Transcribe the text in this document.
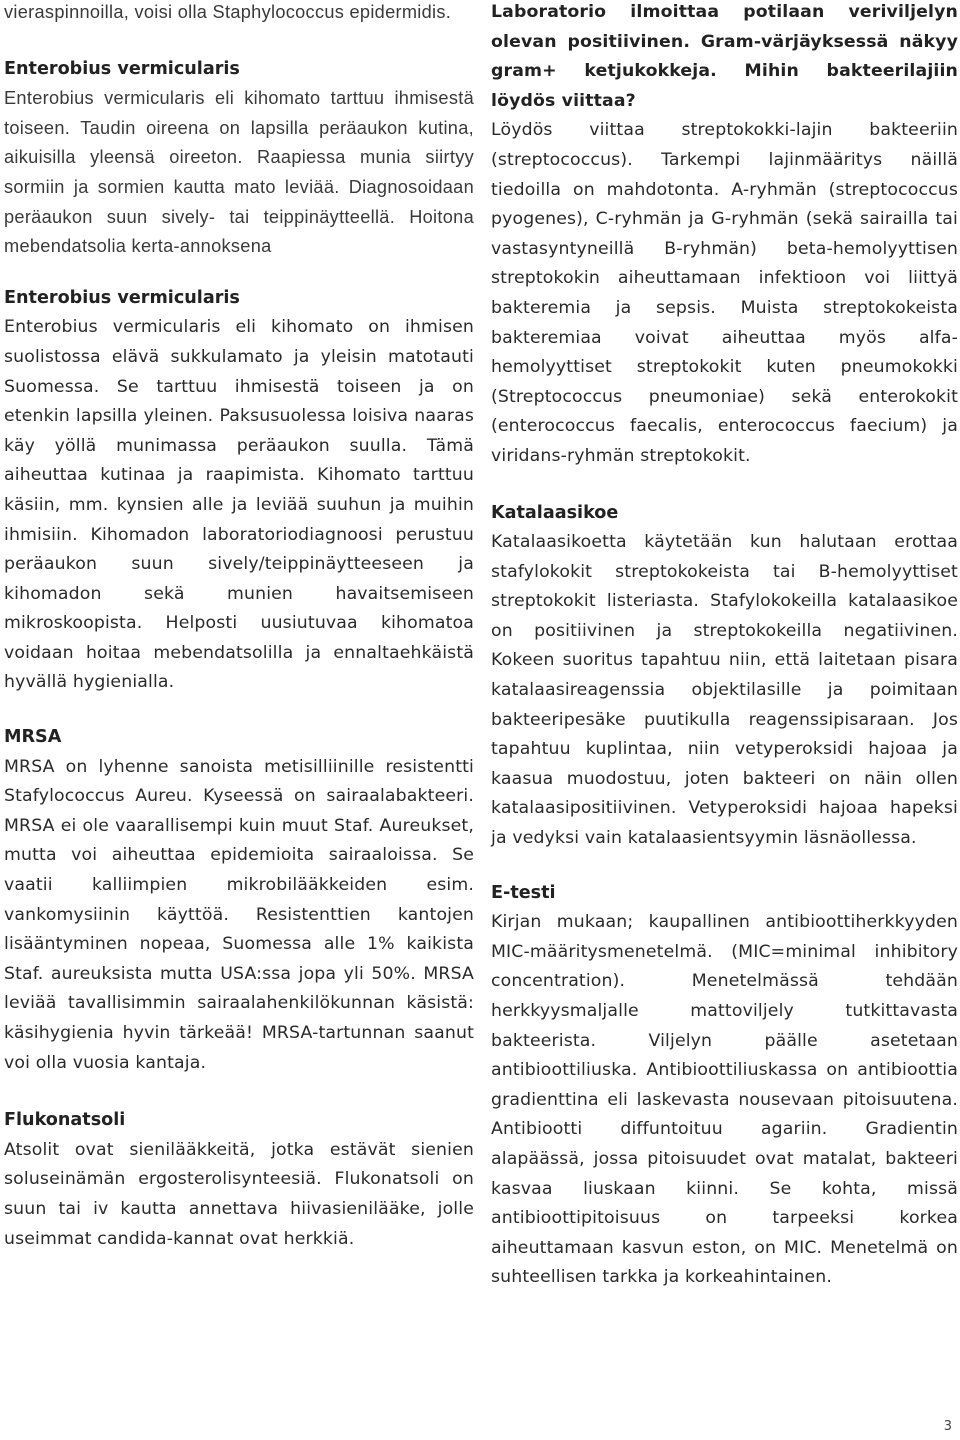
vieraspinnoilla, voisi olla Staphylococcus epidermidis.

Enterobius vermicularis

Enterobius vermicularis eli kihomato tarttuu ihmisestä toiseen. Taudin oireena on lapsilla peräaukon kutina, aikuisilla yleensä oireeton. Raapiessa munia siirtyy sormiin ja sormien kautta mato leviää. Diagnosoidaan peräaukon suun sively- tai teippinäytteellä. Hoitona mebendatsolia kerta-annoksena

Enterobius vermicularis

Enterobius vermicularis eli kihomato on ihmisen suolistossa elävä sukkulamato ja yleisin matotauti Suomessa. Se tarttuu ihmisestä toiseen ja on etenkin lapsilla yleinen. Paksusuolessa loisiva naaras käy yöllä munimassa peräaukon suulla. Tämä aiheuttaa kutinaa ja raapimista. Kihomato tarttuu käsiin, mm. kynsien alle ja leviää suuhun ja muihin ihmisiin. Kihomadon laboratoriodiagnoosi perustuu peräaukon suun sively/teippinäytteeseen ja kihomadon sekä munien havaitsemiseen mikroskoopista. Helposti uusiutuvaa kihomatoa voidaan hoitaa mebendatsolilla ja ennaltaehkäistä hyvällä hygienialla.

MRSA

MRSA on lyhenne sanoista metisilliinille resistentti Stafylococcus Aureu. Kyseessä on sairaalabakteeri. MRSA ei ole vaarallisempi kuin muut Staf. Aureukset, mutta voi aiheuttaa epidemioita sairaaloissa. Se vaatii kalliimpien mikrobilääkkeiden esim. vankomysiinin käyttöä. Resistenttien kantojen lisääntyminen nopeaa, Suomessa alle 1% kaikista Staf. aureuksista mutta USA:ssa jopa yli 50%. MRSA leviää tavallisimmin sairaalahenkilökunnan käsistä: käsihygienia hyvin tärkeää! MRSA-tartunnan saanut voi olla vuosia kantaja.

Flukonatsoli

Atsolit ovat sienilääkkeitä, jotka estävät sienien soluseinämän ergosterolisynteesiä. Flukonatsoli on suun tai iv kautta annettava hiivasienilääke, jolle useimmat candida-kannat ovat herkkiä.

Laboratorio ilmoittaa potilaan veriviljelyn olevan positiivinen. Gram-värjäyksessä näkyy gram+ ketjukokkeja. Mihin bakteerilajiin löydös viittaa?

Löydös viittaa streptokokki-lajin bakteeriin (streptococcus). Tarkempi lajinmääritys näillä tiedoilla on mahdotonta. A-ryhmän (streptococcus pyogenes), C-ryhmän ja G-ryhmän (sekä sairailla tai vastasyntyneillä B-ryhmän) beta-hemolyyttisen streptokokin aiheuttamaan infektioon voi liittyä bakteremia ja sepsis. Muista streptokokeista bakteremiaa voivat aiheuttaa myös alfa-hemolyyttiset streptokokit kuten pneumokokki (Streptococcus pneumoniae) sekä enterokokit (enterococcus faecalis, enterococcus faecium) ja viridans-ryhmän streptokokit.

Katalaasikoe

Katalaasikoetta käytetään kun halutaan erottaa stafylokokit streptokokeista tai B-hemolyyttiset streptokokit listeriasta. Stafylokokeilla katalaasikoe on positiivinen ja streptokokeilla negatiivinen. Kokeen suoritus tapahtuu niin, että laitetaan pisara katalaasireagenssia objektilasille ja poimitaan bakteeripesäke puutikulla reagenssipisaraan. Jos tapahtuu kuplintaa, niin vetyperoksidi hajoaa ja kaasua muodostuu, joten bakteeri on näin ollen katalaasipositiivinen. Vetyperoksidi hajoaa hapeksi ja vedyksi vain katalaasientsyymin läsnäollessa.

E-testi

Kirjan mukaan; kaupallinen antibioottiherkkyyden MIC-määritysmenetelmä. (MIC=minimal inhibitory concentration). Menetelmässä tehdään herkkyysmaljalle mattoviljely tutkittavasta bakteerista. Viljelyn päälle asetetaan antibioottiliuska. Antibioottiliuskassa on antibioottia gradienttina eli laskevasta nousevaan pitoisuutena. Antibiootti diffuntoituu agariin. Gradientin alapäässä, jossa pitoisuudet ovat matalat, bakteeri kasvaa liuskaan kiinni. Se kohta, missä antibioottipitoisuus on tarpeeksi korkea aiheuttamaan kasvun eston, on MIC. Menetelmä on suhteellisen tarkka ja korkeahintainen.

3
